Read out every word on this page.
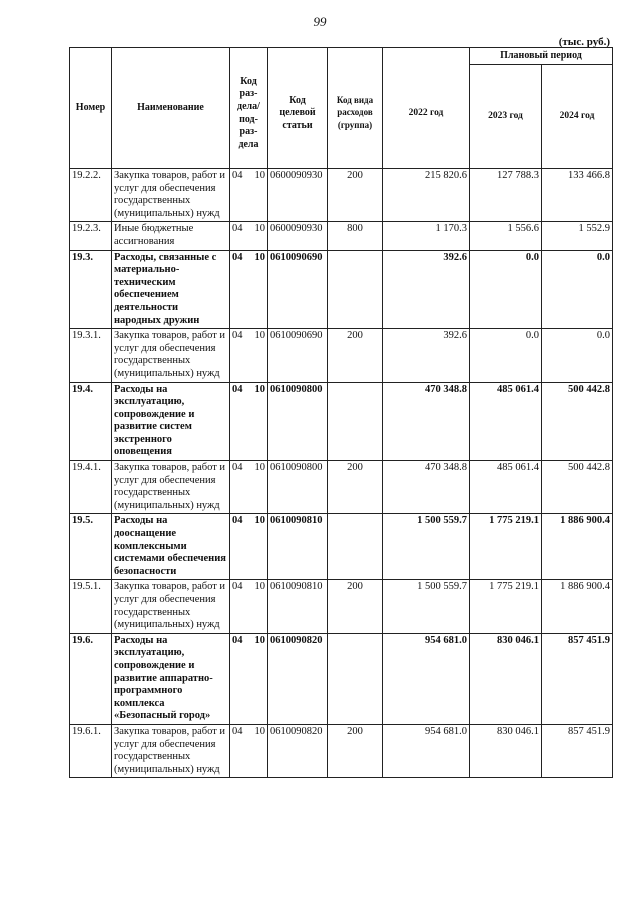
99
(тыс. руб.)
Номер	Наименование	Код раз-дела/ под-раз-дела	Код целевой статьи	Код вида расходов (группа)	2022 год	Плановый период	
						2023 год	2024 год
19.2.2.	Закупка товаров, работ и услуг для обеспечения государственных (муниципальных) нужд	04 10	0600090930	200	215 820.6	127 788.3	133 466.8
19.2.3.	Иные бюджетные ассигнования	04 10	0600090930	800	1 170.3	1 556.6	1 552.9
19.3.	Расходы, связанные с материально-техническим обеспечением деятельности народных дружин	04 10	0610090690		392.6	0.0	0.0
19.3.1.	Закупка товаров, работ и услуг для обеспечения государственных (муниципальных) нужд	04 10	0610090690	200	392.6	0.0	0.0
19.4.	Расходы на эксплуатацию, сопровождение и развитие систем экстренного оповещения	04 10	0610090800		470 348.8	485 061.4	500 442.8
19.4.1.	Закупка товаров, работ и услуг для обеспечения государственных (муниципальных) нужд	04 10	0610090800	200	470 348.8	485 061.4	500 442.8
19.5.	Расходы на дооснащение комплексными системами обеспечения безопасности	04 10	0610090810		1 500 559.7	1 775 219.1	1 886 900.4
19.5.1.	Закупка товаров, работ и услуг для обеспечения государственных (муниципальных) нужд	04 10	0610090810	200	1 500 559.7	1 775 219.1	1 886 900.4
19.6.	Расходы на эксплуатацию, сопровождение и развитие аппаратно-программного комплекса «Безопасный город»	04 10	0610090820		954 681.0	830 046.1	857 451.9
19.6.1.	Закупка товаров, работ и услуг для обеспечения государственных (муниципальных) нужд	04 10	0610090820	200	954 681.0	830 046.1	857 451.9
